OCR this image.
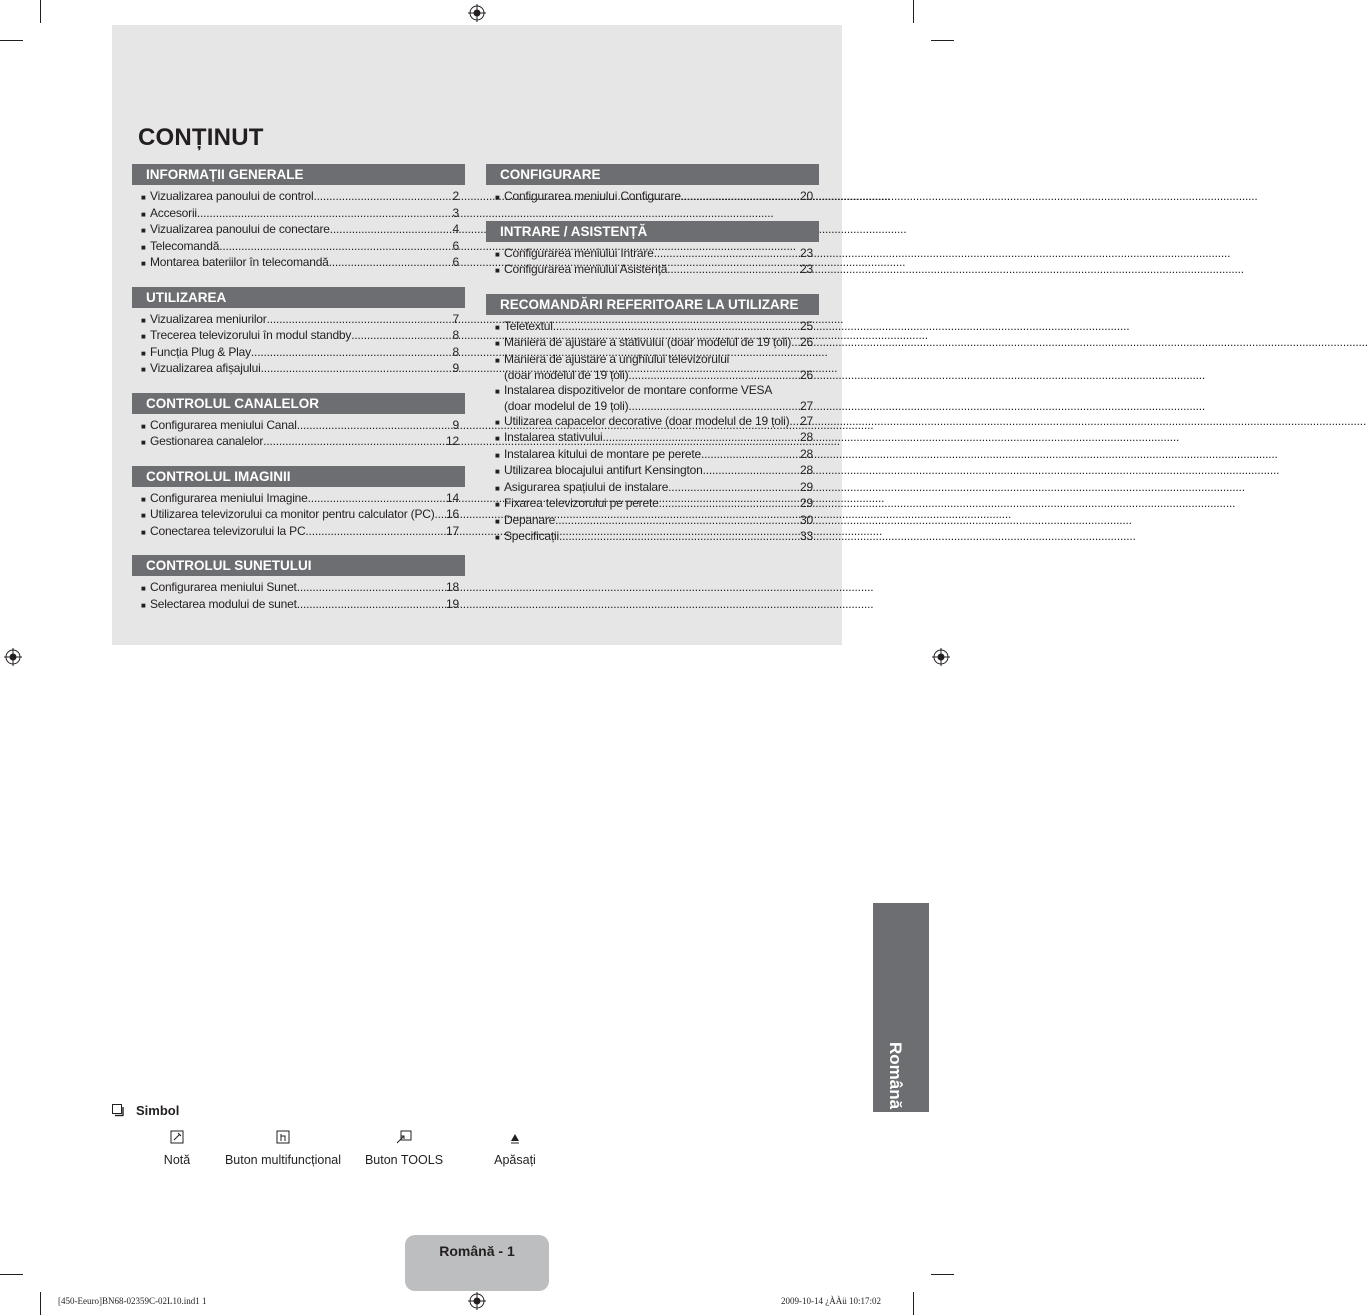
CONȚINUT
INFORMAȚII GENERALE
■ Vizualizarea panoului de control .....	2
■ Accesorii .....	3
■ Vizualizarea panoului de conectare .....	4
■ Telecomandă .....	6
■ Montarea bateriilor în telecomandă .....	6
UTILIZAREA
■ Vizualizarea meniurilor .....	7
■ Trecerea televizorului în modul standby .....	8
■ Funcția Plug & Play .....	8
■ Vizualizarea afișajului .....	9
CONTROLUL CANALELOR
■ Configurarea meniului Canal .....	9
■ Gestionarea canalelor .....	12
CONTROLUL IMAGINII
■ Configurarea meniului Imagine .....	14
■ Utilizarea televizorului ca monitor pentru calculator (PC) ..... 16
■ Conectarea televizorului la PC .....	17
CONTROLUL SUNETULUI
■ Configurarea meniului Sunet .....	18
■ Selectarea modului de sunet .....	19
CONFIGURARE
■ Configurarea meniului Configurare .....	20
INTRARE / ASISTENȚĂ
■ Configurarea meniului Intrare .....	23
■ Configurarea meniului Asistență .....	23
RECOMANDĂRI REFERITOARE LA UTILIZARE
■ Teletextul .....	25
■ Maniera de ajustare a stativului (doar modelul de 19 țoli) ..... 26
■ Maniera de ajustare a unghiului televizorului
(doar modelul de 19 țoli) .....	26
■ Instalarea dispozitivelor de montare conforme VESA
(doar modelul de 19 țoli) .....	27
■ Utilizarea capacelor decorative (doar modelul de 19 țoli) ..... 27
■ Instalarea stativului .....	28
■ Instalarea kitului de montare pe perete .....	28
■ Utilizarea blocajului antifurt Kensington .....	28
■ Asigurarea spațiului de instalare .....	29
■ Fixarea televizorului pe perete .....	29
■ Depanare .....	30
■ Specificații .....	33
Română
Simbol
Notă	Buton multifuncțional	Buton TOOLS	Apăsați
Română - 1
[450-Eeuro]BN68-02359C-02L10.ind1 1	2009-10-14 ¿ÀÀü 10:17:02
